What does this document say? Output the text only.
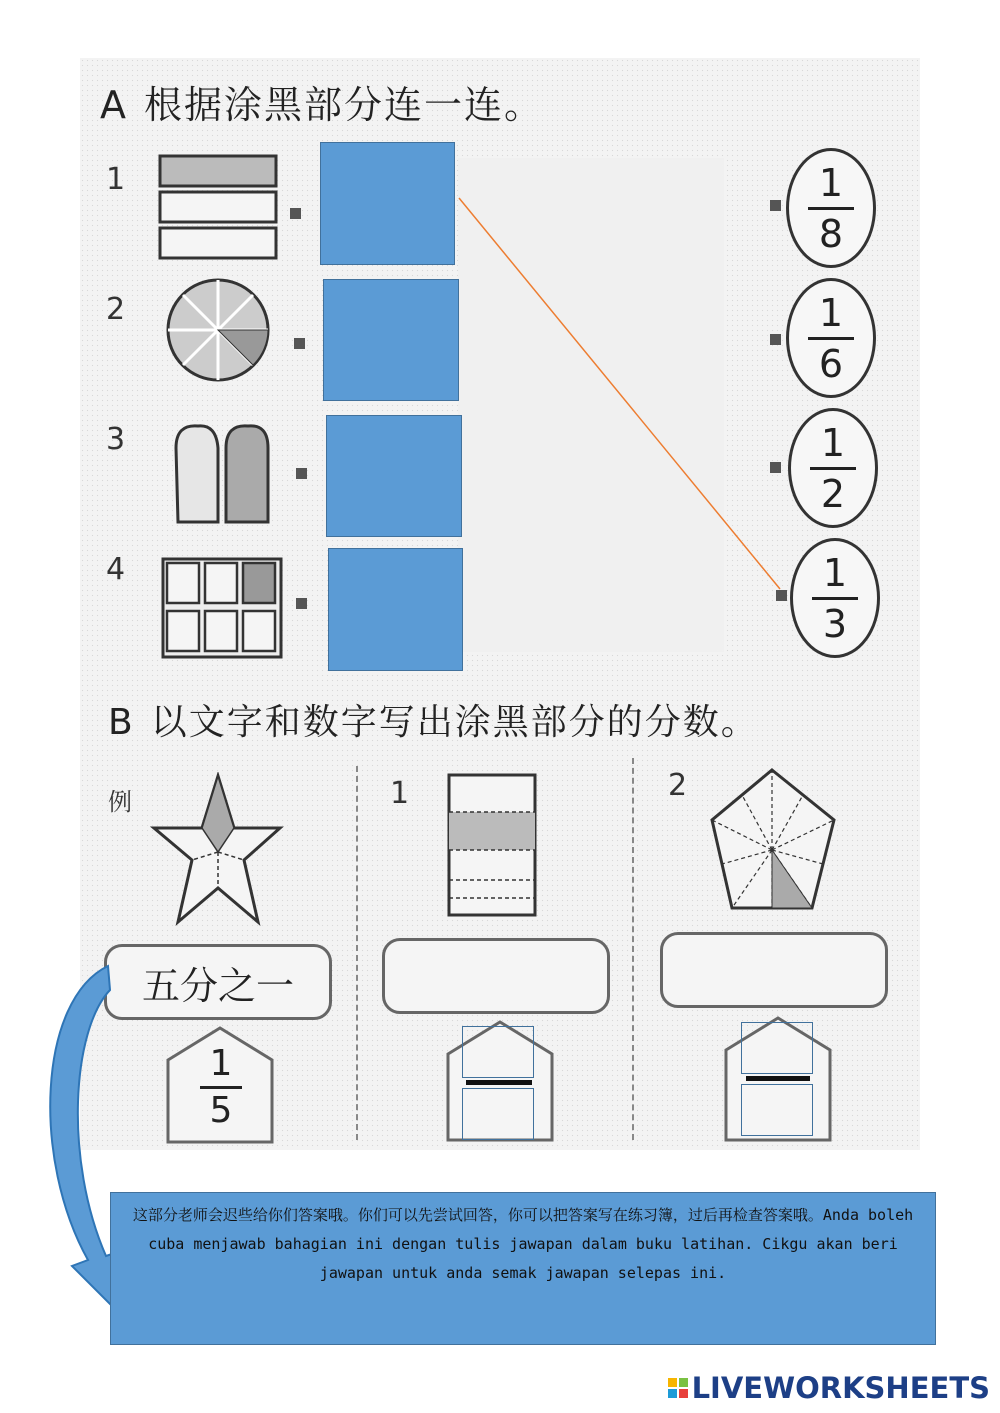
A 根据涂黑部分连一连。
1
2
3
4
1
8
1
6
1
2
1
3
B 以文字和数字写出涂黑部分的分数。
例	1	2
五分之一
1
5
这部分老师会迟些给你们答案哦。你们可以先尝试回答，你可以把答案写在练习簿，过后再检查答案哦。Anda boleh cuba menjawab bahagian ini dengan tulis jawapan dalam buku latihan. Cikgu akan beri jawapan untuk anda semak jawapan selepas ini.
LIVEWORKSHEETS
